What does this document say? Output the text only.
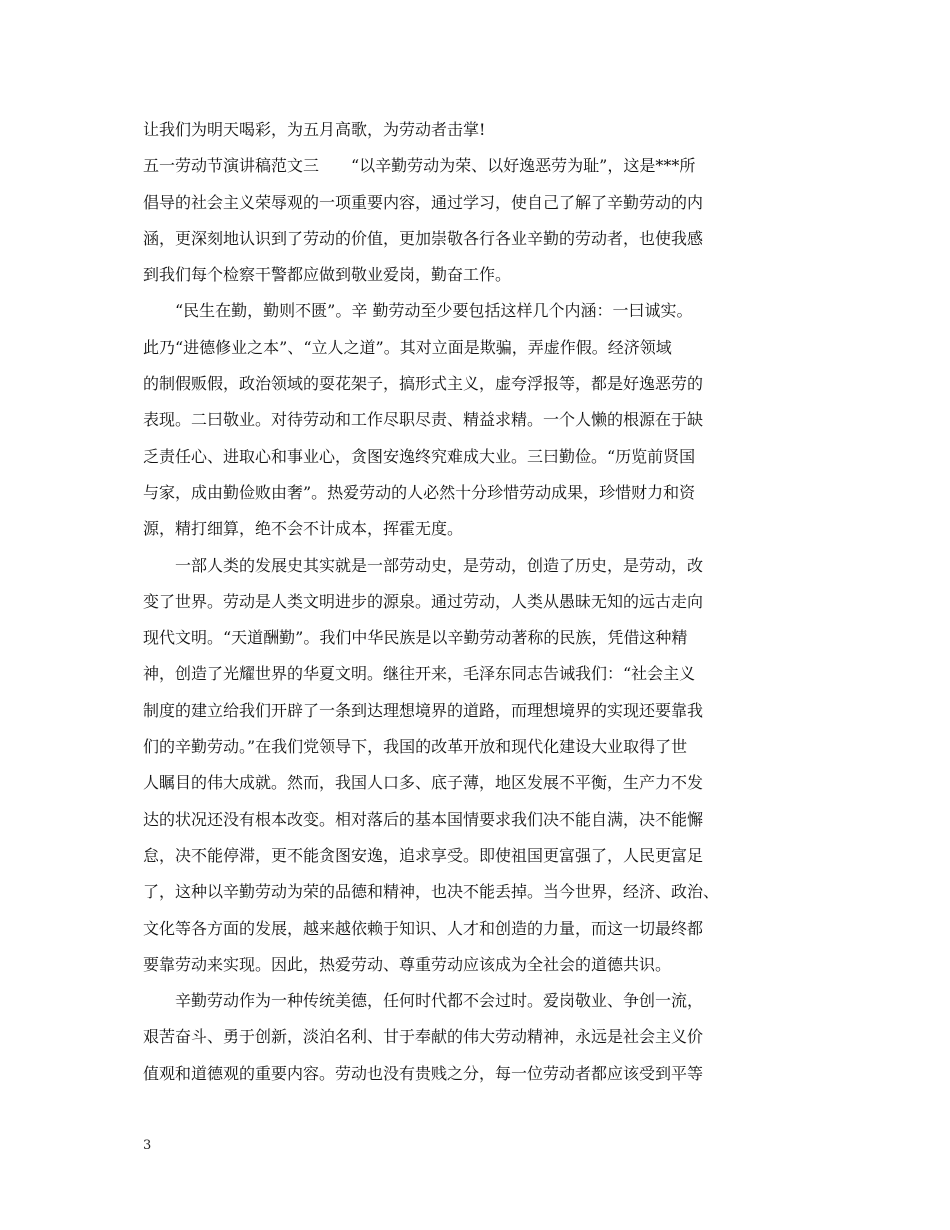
让我们为明天喝彩，为五月高歌，为劳动者击掌!
五一劳动节演讲稿范文三　　“以辛勤劳动为荣、以好逸恶劳为耻”，这是***所
倡导的社会主义荣辱观的一项重要内容，通过学习，使自己了解了辛勤劳动的内
涵，更深刻地认识到了劳动的价值，更加崇敬各行各业辛勤的劳动者，也使我感
到我们每个检察干警都应做到敬业爱岗，勤奋工作。
　　“民生在勤，勤则不匮”。辛 勤劳动至少要包括这样几个内涵：一曰诚实。
此乃“进德修业之本”、“立人之道”。其对立面是欺骗，弄虚作假。经济领域
的制假贩假，政治领域的耍花架子，搞形式主义，虚夸浮报等，都是好逸恶劳的
表现。二曰敬业。对待劳动和工作尽职尽责、精益求精。一个人懒的根源在于缺
乏责任心、进取心和事业心，贪图安逸终究难成大业。三曰勤俭。“历览前贤国
与家，成由勤俭败由奢”。热爱劳动的人必然十分珍惜劳动成果，珍惜财力和资
源，精打细算，绝不会不计成本，挥霍无度。
　　一部人类的发展史其实就是一部劳动史，是劳动，创造了历史，是劳动，改
变了世界。劳动是人类文明进步的源泉。通过劳动，人类从愚昧无知的远古走向
现代文明。“天道酬勤”。我们中华民族是以辛勤劳动著称的民族，凭借这种精
神，创造了光耀世界的华夏文明。继往开来，毛泽东同志告诫我们：“社会主义
制度的建立给我们开辟了一条到达理想境界的道路，而理想境界的实现还要靠我
们的辛勤劳动。”在我们党领导下，我国的改革开放和现代化建设大业取得了世
人瞩目的伟大成就。然而，我国人口多、底子薄，地区发展不平衡，生产力不发
达的状况还没有根本改变。相对落后的基本国情要求我们决不能自满，决不能懈
怠，决不能停滞，更不能贪图安逸，追求享受。即使祖国更富强了，人民更富足
了，这种以辛勤劳动为荣的品德和精神，也决不能丢掉。当今世界，经济、政治、
文化等各方面的发展，越来越依赖于知识、人才和创造的力量，而这一切最终都
要靠劳动来实现。因此，热爱劳动、尊重劳动应该成为全社会的道德共识。
　　辛勤劳动作为一种传统美德，任何时代都不会过时。爱岗敬业、争创一流，
艰苦奋斗、勇于创新，淡泊名利、甘于奉献的伟大劳动精神，永远是社会主义价
值观和道德观的重要内容。劳动也没有贵贱之分，每一位劳动者都应该受到平等
3
